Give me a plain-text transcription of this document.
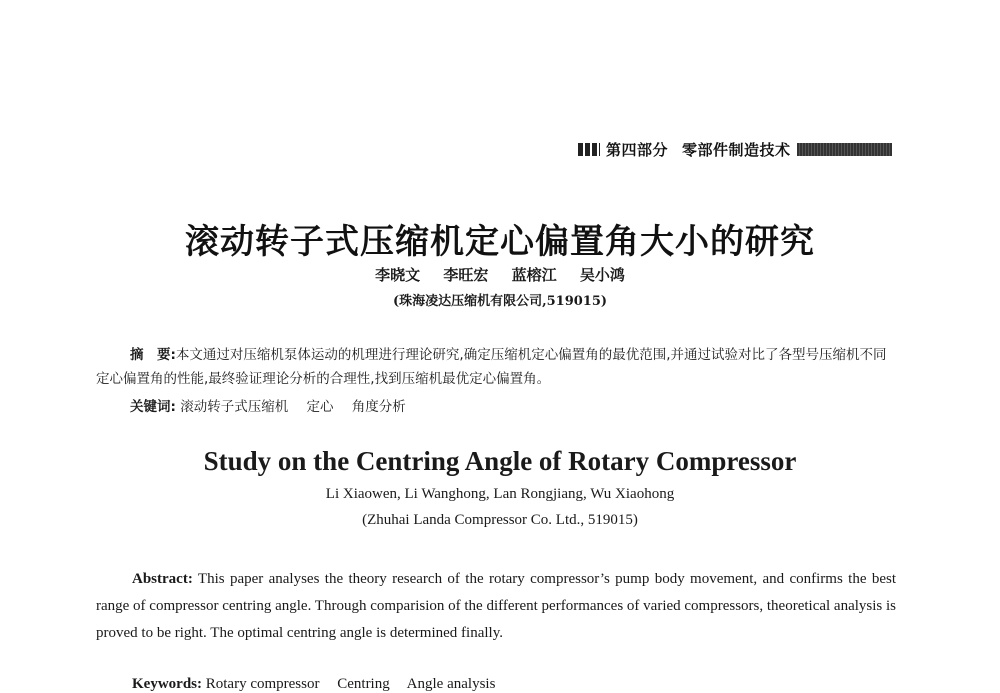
第四部分 零部件制造技术
滚动转子式压缩机定心偏置角大小的研究
李晓文 李旺宏 蓝榕江 吴小鸿
(珠海凌达压缩机有限公司,519015)
摘　要:本文通过对压缩机泵体运动的机理进行理论研究,确定压缩机定心偏置角的最优范围,并通过试验对比了各型号压缩机不同定心偏置角的性能,最终验证理论分析的合理性,找到压缩机最优定心偏置角。
关键词: 滚动转子式压缩机 定心 角度分析
Study on the Centring Angle of Rotary Compressor
Li Xiaowen, Li Wanghong, Lan Rongjiang, Wu Xiaohong
(Zhuhai Landa Compressor Co. Ltd., 519015)
Abstract: This paper analyses the theory research of the rotary compressor’s pump body movement, and confirms the best range of compressor centring angle. Through comparision of the different performances of varied compressors, theoretical analysis is proved to be right. The optimal centring angle is determined finally.
Keywords: Rotary compressor Centring Angle analysis
